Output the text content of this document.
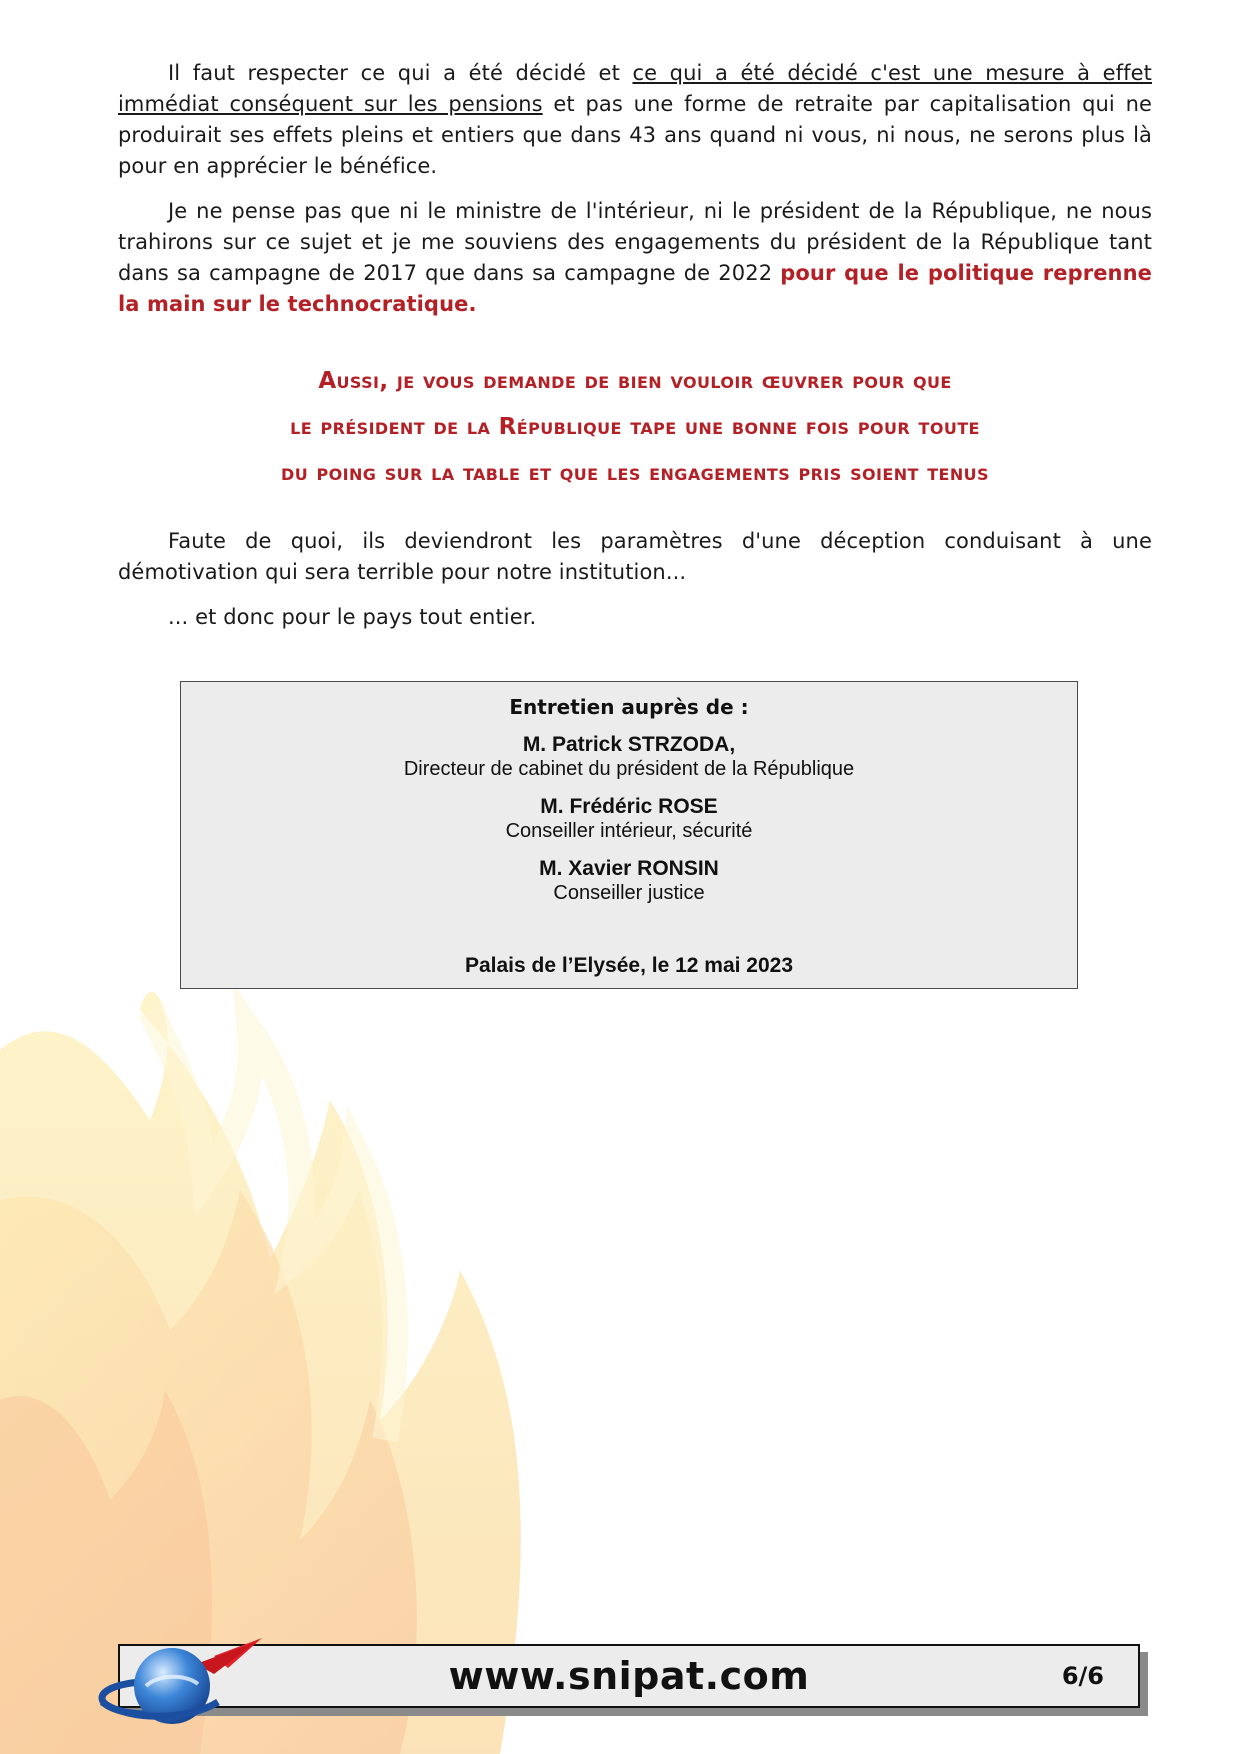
Il faut respecter ce qui a été décidé et ce qui a été décidé c'est une mesure à effet immédiat conséquent sur les pensions et pas une forme de retraite par capitalisation qui ne produirait ses effets pleins et entiers que dans 43 ans quand ni vous, ni nous, ne serons plus là pour en apprécier le bénéfice.

Je ne pense pas que ni le ministre de l'intérieur, ni le président de la République, ne nous trahirons sur ce sujet et je me souviens des engagements du président de la République tant dans sa campagne de 2017 que dans sa campagne de 2022 pour que le politique reprenne la main sur le technocratique.

Aussi, je vous demande de bien vouloir œuvrer pour que
le président de la République tape une bonne fois pour toute
du poing sur la table et que les engagements pris soient tenus

Faute de quoi, ils deviendront les paramètres d'une déception conduisant à une démotivation qui sera terrible pour notre institution...

... et donc pour le pays tout entier.

Entretien auprès de :
M. Patrick STRZODA,
Directeur de cabinet du président de la République
M. Frédéric ROSE
Conseiller intérieur, sécurité
M. Xavier RONSIN
Conseiller justice
Palais de l’Elysée, le 12 mai 2023
www.snipat.com	6/6
